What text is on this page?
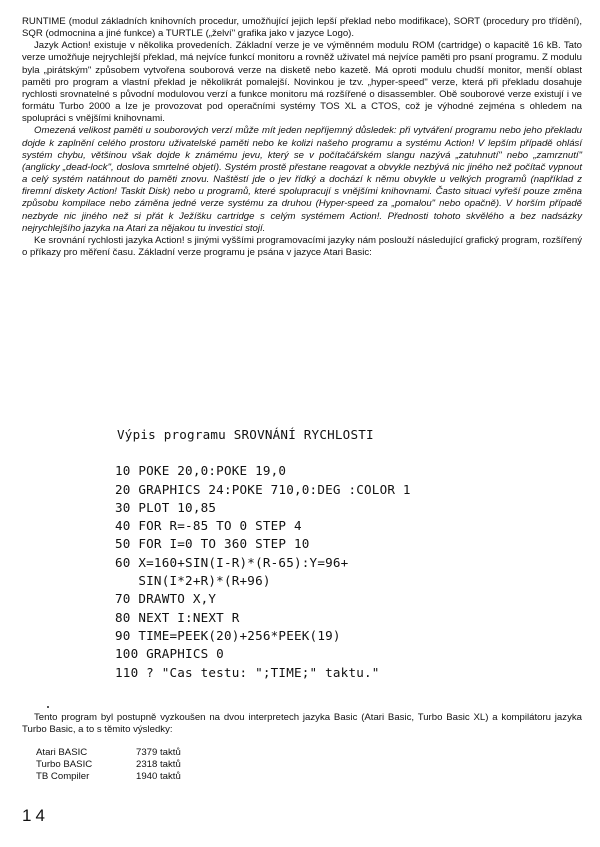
RUNTIME (modul základních knihovních procedur, umožňující jejich lepší překlad nebo modifikace), SORT (procedury pro třídění), SQR (odmocnina a jiné funkce) a TURTLE („želví" grafika jako v jazyce Logo).

Jazyk Action! existuje v několika provedeních. Základní verze je ve výměnném modulu ROM (cartridge) o kapacitě 16 kB. Tato verze umožňuje nejrychlejší překlad, má nejvíce funkcí monitoru a rovněž uživatel má nejvíce paměti pro psaní programu. Z modulu byla „pirátským" způsobem vytvořena souborová verze na disketě nebo kazetě. Má oproti modulu chudší monitor, menší oblast paměti pro program a vlastní překlad je několikrát pomalejší. Novinkou je tzv. „hyper-speed" verze, která při překladu dosahuje rychlosti srovnatelné s původní modulovou verzí a funkce monitoru má rozšířené o disassembler. Obě souborové verze existují i ve formátu Turbo 2000 a lze je provozovat pod operačními systémy TOS XL a CTOS, což je výhodné zejména s ohledem na spolupráci s vnějšími knihovnami.

Omezená velikost paměti u souborových verzí může mít jeden nepříjemný důsledek: při vytváření programu nebo jeho překladu dojde k zaplnění celého prostoru uživatelské paměti nebo ke kolizi našeho programu a systému Action! V lepším případě ohlásí systém chybu, většinou však dojde k známému jevu, který se v počítačářském slangu nazývá „zatuhnutí" nebo „zamrznutí" (anglicky „dead-lock", doslova smrtelné objetí). Systém prostě přestane reagovat a obvykle nezbývá nic jiného než počítač vypnout a celý systém natáhnout do paměti znovu. Naštěstí jde o jev řídký a dochází k němu obvykle u velkých programů (například z firemní diskety Action! Taskit Disk) nebo u programů, které spolupracují s vnějšími knihovnami. Často situaci vyřeší pouze změna způsobu kompilace nebo záměna jedné verze systému za druhou (Hyper-speed za „pomalou" nebo opačně). V horším případě nezbyde nic jiného než si přát k Ježíšku cartridge s celým systémem Action!. Přednosti tohoto skvělého a bez nadsázky nejrychlejšího jazyka na Atari za nějakou tu investici stojí.

Ke srovnání rychlosti jazyka Action! s jinými vyššími programovacími jazyky nám poslouží následující grafický program, rozšířený o příkazy pro měření času. Základní verze programu je psána v jazyce Atari Basic:

Výpis programu SROVNÁNÍ RYCHLOSTI
10 POKE 20,0:POKE 19,0
20 GRAPHICS 24:POKE 710,0:DEG :COLOR 1
30 PLOT 10,85
40 FOR R=-85 TO 0 STEP 4
50 FOR I=0 TO 360 STEP 10
60 X=160+SIN(I-R)*(R-65):Y=96+
SIN(I*2+R)*(R+96)
70 DRAWTO X,Y
80 NEXT I:NEXT R
90 TIME=PEEK(20)+256*PEEK(19)
100 GRAPHICS 0
110 ? "Cas testu: ";TIME;" taktu."

Tento program byl postupně vyzkoušen na dvou interpretech jazyka Basic (Atari Basic, Turbo Basic XL) a kompilátoru jazyka Turbo Basic, a to s těmito výsledky:

Atari BASIC	7379 taktů
Turbo BASIC	2318 taktů
TB Compiler	1940 taktů
14
